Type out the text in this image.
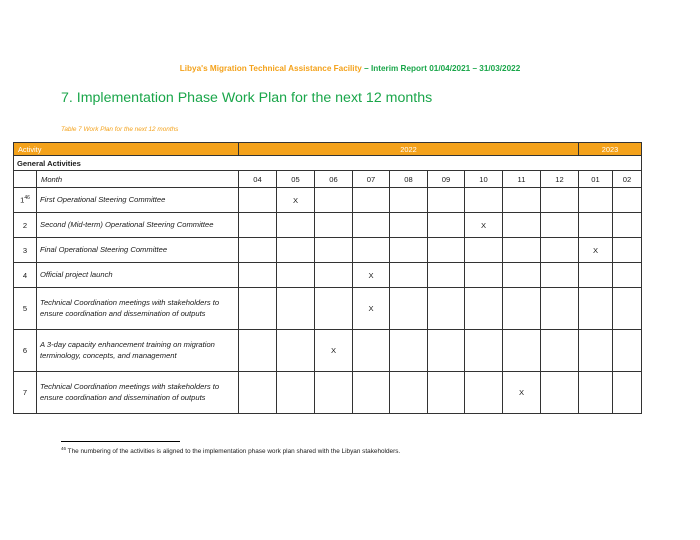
Libya's Migration Technical Assistance Facility – Interim Report 01/04/2021 – 31/03/2022
7. Implementation Phase Work Plan for the next 12 months
Table 7 Work Plan for the next 12 months
Activity		2022									2023	
General Activities												
	Month	04	05	06	07	08	09	10	11	12	01	02
$1^{46}$	First Operational Steering Committee		X									
2	Second (Mid-term) Operational Steering Committee							X				
3	Final Operational Steering Committee										X	
4	Official project launch				X							
5	Technical Coordination meetings with stakeholders to ensure coordination and dissemination of outputs				X							
6	A 3-day capacity enhancement training on migration terminology, concepts, and management			X								
7	Technical Coordination meetings with stakeholders to ensure coordination and dissemination of outputs								X			
$^{46}$ The numbering of the activities is aligned to the implementation phase work plan shared with the Libyan stakeholders.
